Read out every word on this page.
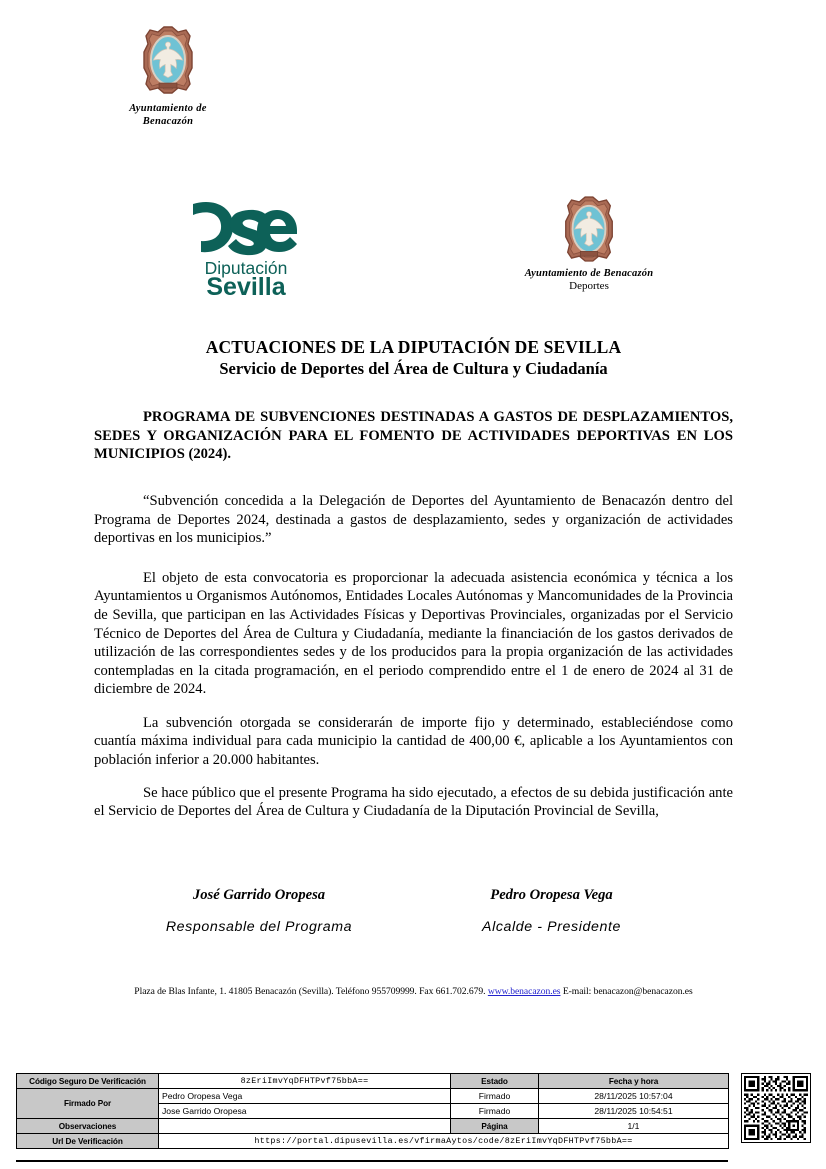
Ayuntamiento de
Benacazón
Diputación
Sevilla	Ayuntamiento de Benacazón
Deportes
ACTUACIONES DE LA DIPUTACIÓN DE SEVILLA
Servicio de Deportes del Área de Cultura y Ciudadanía

PROGRAMA DE SUBVENCIONES DESTINADAS A GASTOS DE DESPLAZAMIENTOS, SEDES Y ORGANIZACIÓN PARA EL FOMENTO DE ACTIVIDADES DEPORTIVAS EN LOS MUNICIPIOS (2024).

“Subvención concedida a la Delegación de Deportes del Ayuntamiento de Benacazón dentro del Programa de Deportes 2024, destinada a gastos de desplazamiento, sedes y organización de actividades deportivas en los municipios.”

El objeto de esta convocatoria es proporcionar la adecuada asistencia económica y técnica a los Ayuntamientos u Organismos Autónomos, Entidades Locales Autónomas y Mancomunidades de la Provincia de Sevilla, que participan en las Actividades Físicas y Deportivas Provinciales, organizadas por el Servicio Técnico de Deportes del Área de Cultura y Ciudadanía, mediante la financiación de los gastos derivados de utilización de las correspondientes sedes y de los producidos para la propia organización de las actividades contempladas en la citada programación, en el periodo comprendido entre el 1 de enero de 2024 al 31 de diciembre de 2024.

La subvención otorgada se considerarán de importe fijo y determinado, estableciéndose como cuantía máxima individual para cada municipio la cantidad de 400,00 €, aplicable a los Ayuntamientos con población inferior a 20.000 habitantes.

Se hace público que el presente Programa ha sido ejecutado, a efectos de su debida justificación ante el Servicio de Deportes del Área de Cultura y Ciudadanía de la Diputación Provincial de Sevilla,

José Garrido Oropesa
Responsable del Programa
Pedro Oropesa Vega
Alcalde - Presidente
Plaza de Blas Infante, 1. 41805 Benacazón (Sevilla). Teléfono 955709999. Fax 661.702.679. www.benacazon.es E-mail: benacazon@benacazon.es
Código Seguro De Verificación	8zEriImvYqDFHTPvf75bbA==	Estado	Fecha y hora
Firmado Por	Pedro Oropesa Vega	Firmado	28/11/2025 10:57:04
	Jose Garrido Oropesa	Firmado	28/11/2025 10:54:51
Observaciones		Página	1/1
Url De Verificación	https://portal.dipusevilla.es/vfirmaAytos/code/8zEriImvYqDFHTPvf75bbA==		
